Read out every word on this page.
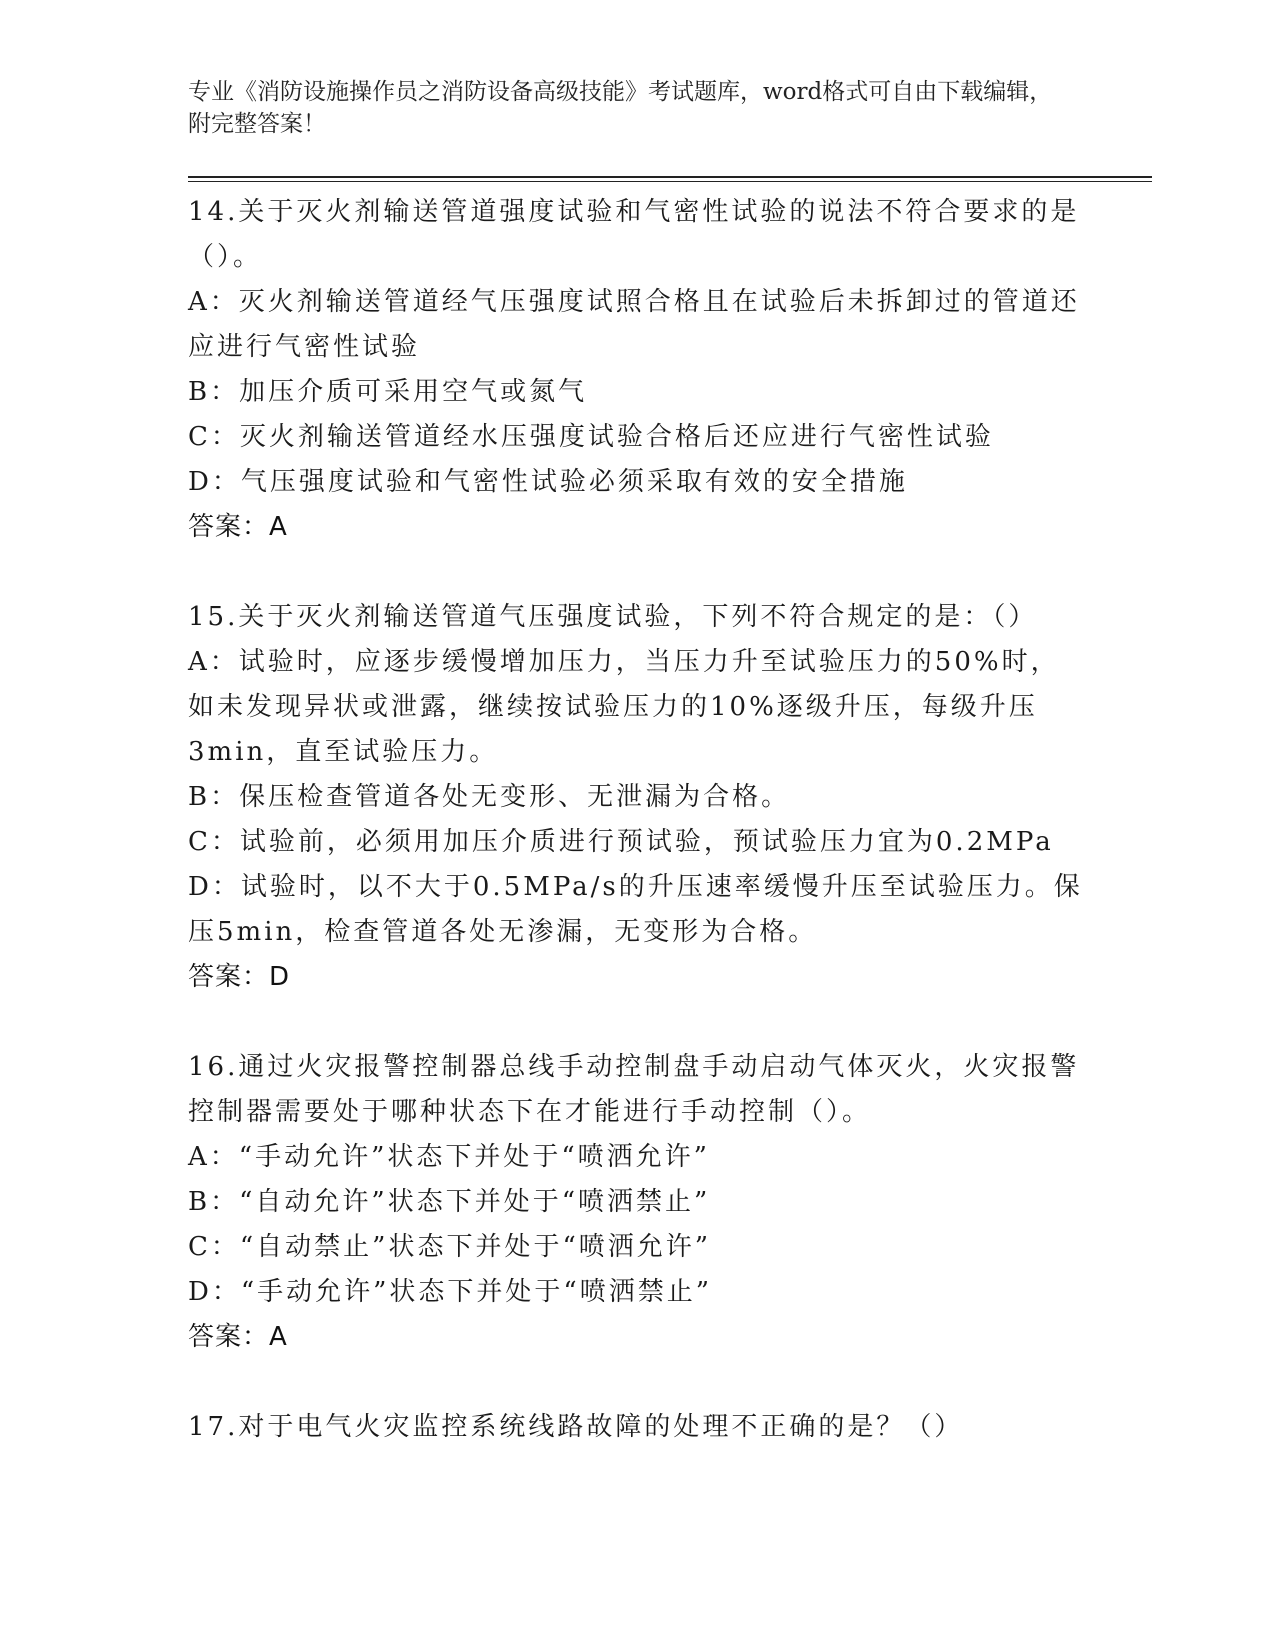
专业《消防设施操作员之消防设备高级技能》考试题库，word格式可自由下载编辑，附完整答案！
14.关于灭火剂输送管道强度试验和气密性试验的说法不符合要求的是（）。
A：灭火剂输送管道经气压强度试照合格且在试验后未拆卸过的管道还应进行气密性试验
B：加压介质可采用空气或氮气
C：灭火剂输送管道经水压强度试验合格后还应进行气密性试验
D：气压强度试验和气密性试验必须采取有效的安全措施
答案：A
15.关于灭火剂输送管道气压强度试验，下列不符合规定的是：（）
A：试验时，应逐步缓慢增加压力，当压力升至试验压力的50%时，如未发现异状或泄露，继续按试验压力的10%逐级升压，每级升压3min，直至试验压力。
B：保压检查管道各处无变形、无泄漏为合格。
C：试验前，必须用加压介质进行预试验，预试验压力宜为0.2MPa
D：试验时，以不大于0.5MPa/s的升压速率缓慢升压至试验压力。保压5min，检查管道各处无渗漏，无变形为合格。
答案：D
16.通过火灾报警控制器总线手动控制盘手动启动气体灭火，火灾报警控制器需要处于哪种状态下在才能进行手动控制（）。
A：“手动允许”状态下并处于“喷洒允许”
B：“自动允许”状态下并处于“喷洒禁止”
C：“自动禁止”状态下并处于“喷洒允许”
D：“手动允许”状态下并处于“喷洒禁止”
答案：A
17.对于电气火灾监控系统线路故障的处理不正确的是？（）
